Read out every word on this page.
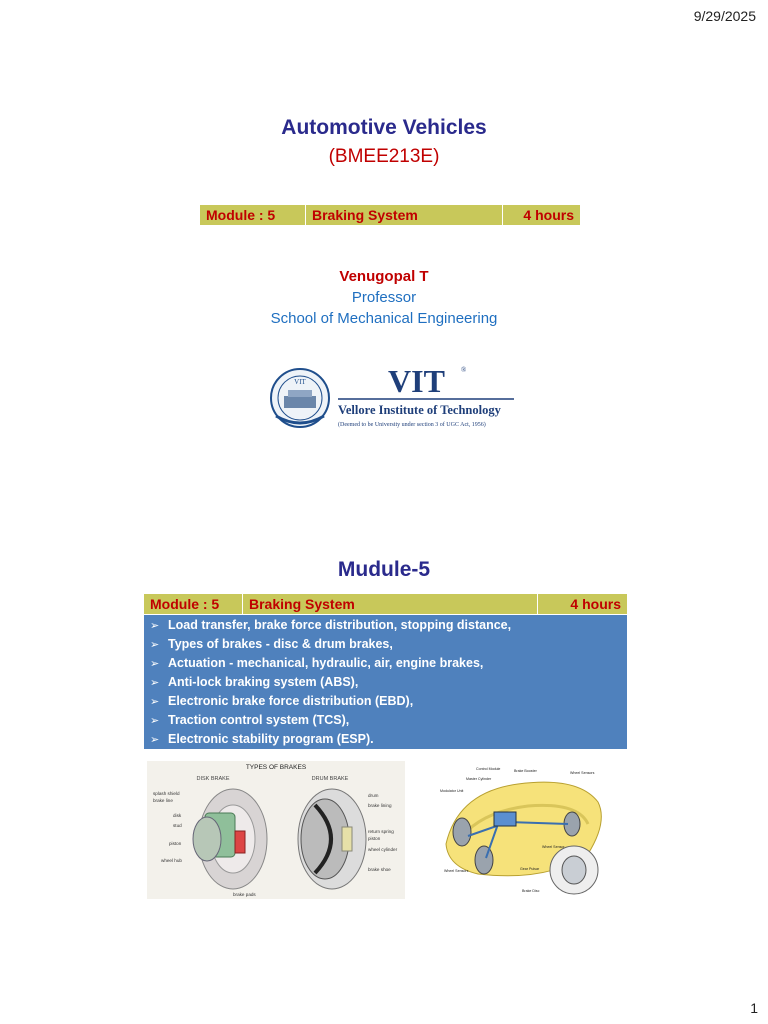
9/29/2025
Automotive Vehicles
(BMEE213E)
Module : 5	Braking System	4 hours
Venugopal T
Professor
School of Mechanical Engineering
VIT	VIT ®
Vellore Institute of Technology
(Deemed to be University under section 3 of UGC Act, 1956)
Mudule-5
Module : 5	Braking System	4 hours
➢ Load transfer, brake force distribution, stopping distance,
➢ Types of brakes - disc & drum brakes,
➢ Actuation - mechanical, hydraulic, air, engine brakes,
➢ Anti-lock braking system (ABS),
➢ Electronic brake force distribution (EBD),
➢ Traction control system (TCS),
➢ Electronic stability program (ESP).
TYPES OF BRAKES
DISK BRAKE	DRUM BRAKE
splash shield
brake line
disk
stud
piston
wheel hub
drum
brake lining
return spring
piston
wheel cylinder
brake shoe
brake pads
Control Module	Brake Booster	Wheel Sensors
Master Cylinder
Modulator Unit
Wheel Sensor
Wheel Sensors	Gear Pulsar
Brake Disc
1
